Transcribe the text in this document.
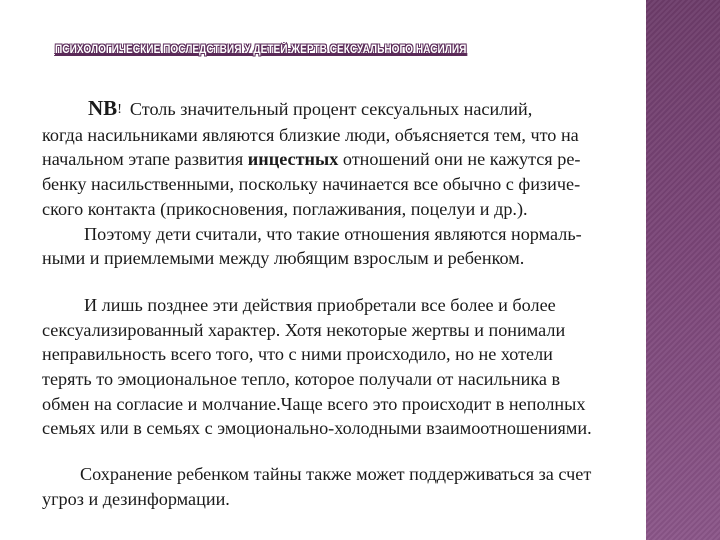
ПСИХОЛОГИЧЕСКИЕ ПОСЛЕДСТВИЯ У ДЕТЕЙ-ЖЕРТВ СЕКСУАЛЬНОГО НАСИЛИЯ
NB! Столь значительный процент сексуальных насилий,
когда насильниками являются близкие люди, объясняется тем, что на
начальном этапе развития инцестных отношений они не кажутся ре-
бенку насильственными, поскольку начинается все обычно с физиче-
ского контакта (прикосновения, поглаживания, поцелуи и др.).
Поэтому дети считали, что такие отношения являются нормаль-
ными и приемлемыми между любящим взрослым и ребенком.
И лишь позднее эти действия приобретали все более и более
сексуализированный характер. Хотя некоторые жертвы и понимали
неправильность всего того, что с ними происходило, но не хотели
терять то эмоциональное тепло, которое получали от насильника в
обмен на согласие и молчание.Чаще всего это происходит в неполных
семьях или в семьях с эмоционально-холодными взаимоотношениями.
Сохранение ребенком тайны также может поддерживаться за счет
угроз и дезинформации.
